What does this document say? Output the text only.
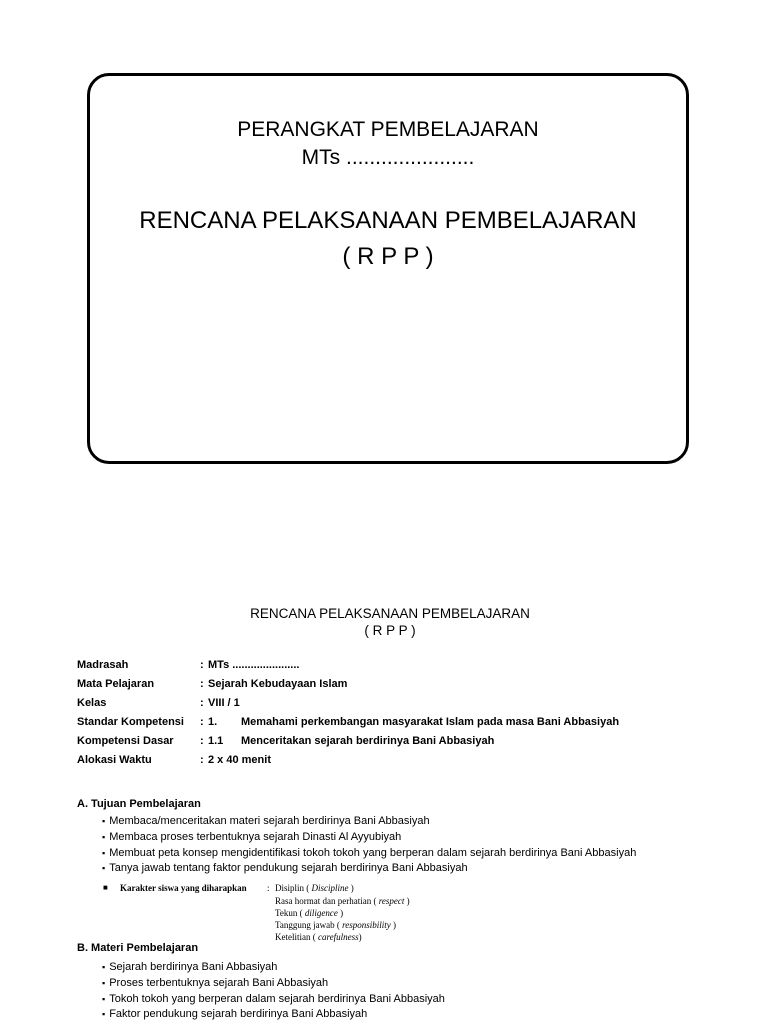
PERANGKAT PEMBELAJARAN
MTs ......................
RENCANA PELAKSANAAN PEMBELAJARAN
( R P P )
RENCANA PELAKSANAAN PEMBELAJARAN
( R P P )
Madrasah	: MTs ......................
Mata Pelajaran	: Sejarah Kebudayaan Islam
Kelas	: VIII / 1
Standar Kompetensi : 1. Memahami perkembangan masyarakat Islam pada masa Bani Abbasiyah
Kompetensi Dasar : 1.1 Menceritakan sejarah berdirinya Bani Abbasiyah
Alokasi Waktu	: 2 x 40 menit
A. Tujuan Pembelajaran
▪ Membaca/menceritakan materi sejarah berdirinya Bani Abbasiyah
▪ Membaca proses terbentuknya sejarah Dinasti Al Ayyubiyah
▪ Membuat peta konsep mengidentifikasi tokoh tokoh yang berperan dalam sejarah berdirinya Bani Abbasiyah
▪ Tanya jawab tentang faktor pendukung sejarah berdirinya Bani Abbasiyah
■ Karakter siswa yang diharapkan : Disiplin ( Discipline )
Rasa hormat dan perhatian ( respect )
Tekun ( diligence )
Tanggung jawab ( responsibility )
Ketelitian ( carefulness)
B. Materi Pembelajaran
▪ Sejarah berdirinya Bani Abbasiyah
▪ Proses terbentuknya sejarah Bani Abbasiyah
▪ Tokoh tokoh yang berperan dalam sejarah berdirinya Bani Abbasiyah
▪ Faktor pendukung sejarah berdirinya Bani Abbasiyah
